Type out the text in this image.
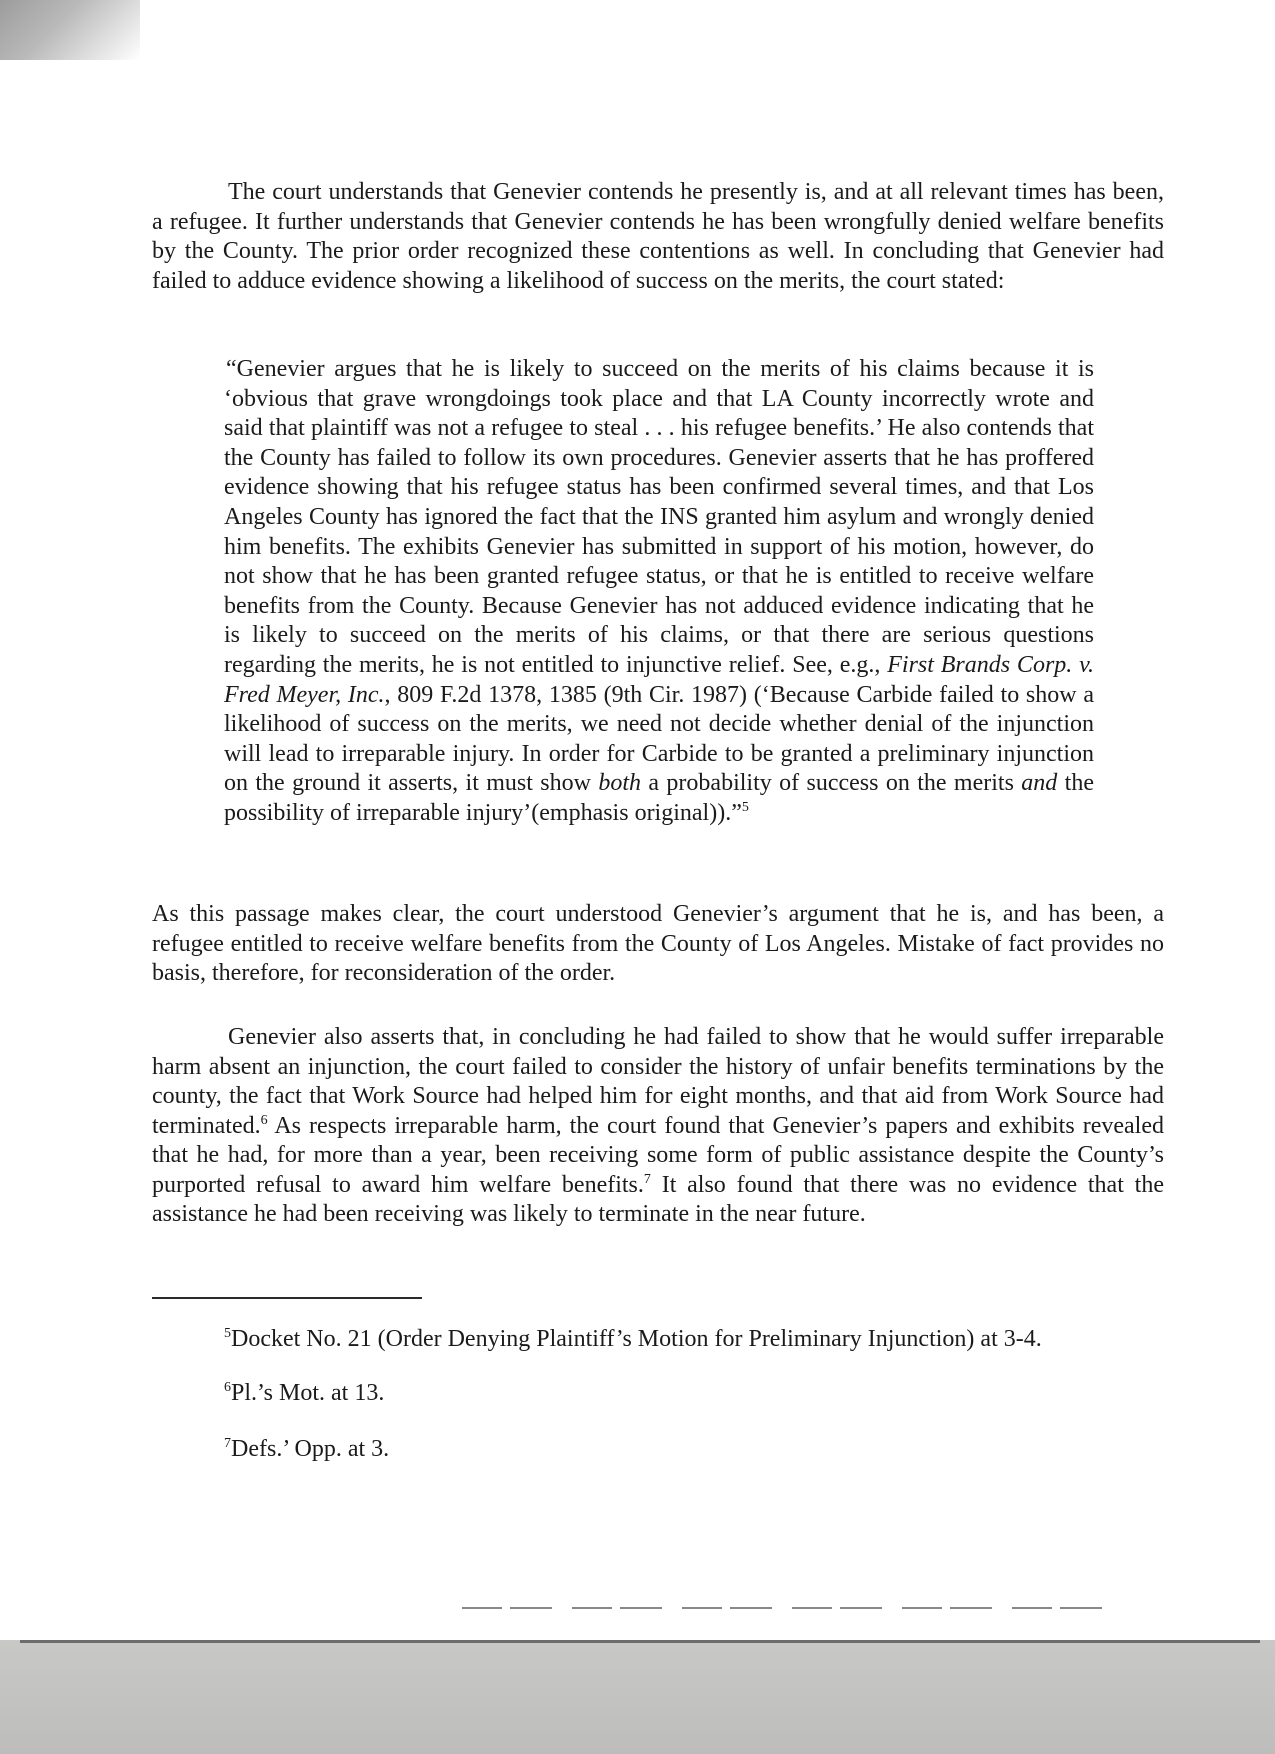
The court understands that Genevier contends he presently is, and at all relevant times has been, a refugee. It further understands that Genevier contends he has been wrongfully denied welfare benefits by the County. The prior order recognized these contentions as well. In concluding that Genevier had failed to adduce evidence showing a likelihood of success on the merits, the court stated:

“Genevier argues that he is likely to succeed on the merits of his claims because it is ‘obvious that grave wrongdoings took place and that LA County incorrectly wrote and said that plaintiff was not a refugee to steal . . . his refugee benefits.’ He also contends that the County has failed to follow its own procedures. Genevier asserts that he has proffered evidence showing that his refugee status has been confirmed several times, and that Los Angeles County has ignored the fact that the INS granted him asylum and wrongly denied him benefits. The exhibits Genevier has submitted in support of his motion, however, do not show that he has been granted refugee status, or that he is entitled to receive welfare benefits from the County. Because Genevier has not adduced evidence indicating that he is likely to succeed on the merits of his claims, or that there are serious questions regarding the merits, he is not entitled to injunctive relief. See, e.g., First Brands Corp. v. Fred Meyer, Inc., 809 F.2d 1378, 1385 (9th Cir. 1987) (‘Because Carbide failed to show a likelihood of success on the merits, we need not decide whether denial of the injunction will lead to irreparable injury. In order for Carbide to be granted a preliminary injunction on the ground it asserts, it must show both a probability of success on the merits and the possibility of irreparable injury’(emphasis original)).”$^5$

As this passage makes clear, the court understood Genevier’s argument that he is, and has been, a refugee entitled to receive welfare benefits from the County of Los Angeles. Mistake of fact provides no basis, therefore, for reconsideration of the order.

Genevier also asserts that, in concluding he had failed to show that he would suffer irreparable harm absent an injunction, the court failed to consider the history of unfair benefits terminations by the county, the fact that Work Source had helped him for eight months, and that aid from Work Source had terminated.$^6$ As respects irreparable harm, the court found that Genevier’s papers and exhibits revealed that he had, for more than a year, been receiving some form of public assistance despite the County’s purported refusal to award him welfare benefits.$^7$ It also found that there was no evidence that the assistance he had been receiving was likely to terminate in the near future.

$^5$Docket No. 21 (Order Denying Plaintiff’s Motion for Preliminary Injunction) at 3-4.
$^6$Pl.’s Mot. at 13.
$^7$Defs.’ Opp. at 3.
